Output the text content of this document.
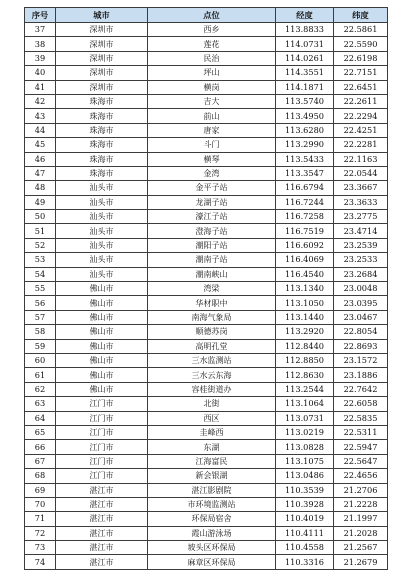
序号	城市	点位	经度	纬度
37	深圳市	西乡	113.8833	22.5861
38	深圳市	莲花	114.0731	22.5590
39	深圳市	民治	114.0261	22.6198
40	深圳市	坪山	114.3551	22.7151
41	深圳市	横岗	114.1871	22.6451
42	珠海市	吉大	113.5740	22.2611
43	珠海市	前山	113.4950	22.2294
44	珠海市	唐家	113.6280	22.4251
45	珠海市	斗门	113.2990	22.2281
46	珠海市	横琴	113.5433	22.1163
47	珠海市	金湾	113.3547	22.0544
48	汕头市	金平子站	116.6794	23.3667
49	汕头市	龙湖子站	116.7244	23.3633
50	汕头市	濠江子站	116.7258	23.2775
51	汕头市	澄海子站	116.7519	23.4714
52	汕头市	潮阳子站	116.6092	23.2539
53	汕头市	潮南子站	116.4069	23.2533
54	汕头市	潮南峡山	116.4540	23.2684
55	佛山市	湾梁	113.1340	23.0048
56	佛山市	华材职中	113.1050	23.0395
57	佛山市	南海气象局	113.1440	23.0467
58	佛山市	顺德苏岗	113.2920	22.8054
59	佛山市	高明孔堂	112.8440	22.8693
60	佛山市	三水监测站	112.8850	23.1572
61	佛山市	三水云东海	112.8630	23.1886
62	佛山市	容桂街道办	113.2544	22.7642
63	江门市	北街	113.1064	22.6058
64	江门市	西区	113.0731	22.5835
65	江门市	圭峰西	113.0219	22.5311
66	江门市	东湖	113.0828	22.5947
67	江门市	江海富民	113.1075	22.5647
68	江门市	新会银湖	113.0486	22.4656
69	湛江市	湛江影剧院	110.3539	21.2706
70	湛江市	市环境监测站	110.3928	21.2228
71	湛江市	环保局宿舍	110.4019	21.1997
72	湛江市	霞山游泳场	110.4111	21.2028
73	湛江市	坡头区环保局	110.4558	21.2567
74	湛江市	麻章区环保局	110.3316	21.2679
